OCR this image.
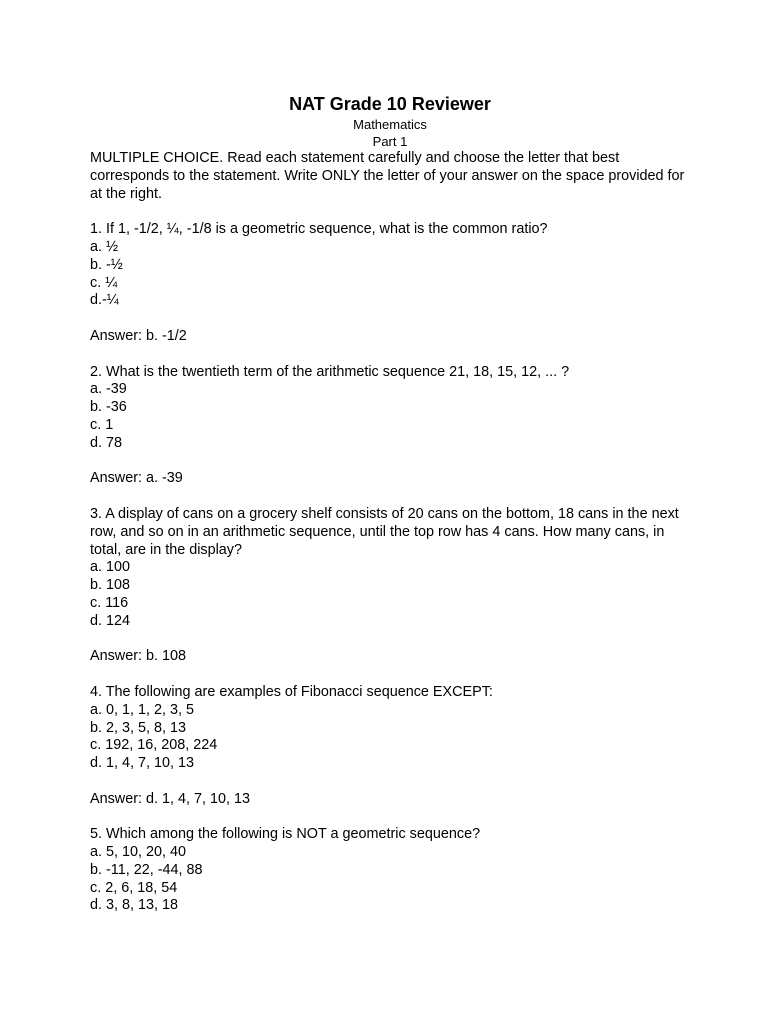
NAT Grade 10 Reviewer

Mathematics

Part 1

MULTIPLE CHOICE. Read each statement carefully and choose the letter that best corresponds to the statement. Write ONLY the letter of your answer on the space provided for at the right.

1. If 1, -1/2, ¼, -1/8 is a geometric sequence, what is the common ratio?

a. ½

b. -½

c. ¼

d.-¼

Answer: b. -1/2

2. What is the twentieth term of the arithmetic sequence 21, 18, 15, 12, ... ?

a. -39

b. -36

c. 1

d. 78

Answer: a. -39

3. A display of cans on a grocery shelf consists of 20 cans on the bottom, 18 cans in the next row, and so on in an arithmetic sequence, until the top row has 4 cans. How many cans, in total, are in the display?

a. 100

b. 108

c. 116

d. 124

Answer: b. 108

4. The following are examples of Fibonacci sequence EXCEPT:

a. 0, 1, 1, 2, 3, 5

b. 2, 3, 5, 8, 13

c. 192, 16, 208, 224

d. 1, 4, 7, 10, 13

Answer: d. 1, 4, 7, 10, 13

5. Which among the following is NOT a geometric sequence?

a. 5, 10, 20, 40

b. -11, 22, -44, 88

c. 2, 6, 18, 54

d. 3, 8, 13, 18
